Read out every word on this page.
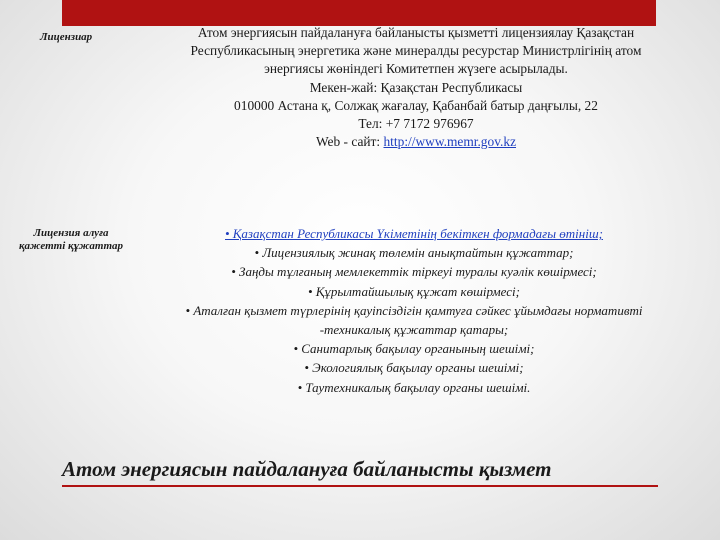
Лицензиар	Атом энергиясын пайдалануға байланысты қызметті лицензиялау Қазақстан
Республикасының энергетика және минералды ресурстар Министрлігінің атом
энергиясы жөніндегі Комитетпен жүзеге асырылады.
Мекен-жай: Қазақстан Республикасы
010000 Астана қ, Солжақ жағалау, Қабанбай батыр даңғылы, 22
Тел: +7 7172 976967
Web - сайт: http://www.memr.gov.kz
Лицензия алуға қажетті құжаттар
• Қазақстан Республикасы Үкіметінің бекіткен формадағы өтініш;
• Лицензиялық жинақ төлемін анықтайтын құжаттар;
• Заңды тұлғаның мемлекеттік тіркеуі туралы куәлік көшірмесі;
• Құрылтайшылық құжат көшірмесі;
• Аталған қызмет түрлерінің қауіпсіздігін қамтуға сәйкес ұйымдағы нормативті
-техникалық құжаттар қатары;
• Санитарлық бақылау органының шешімі;
• Экологиялық бақылау органы шешімі;
• Таутехникалық бақылау органы шешімі.
Атом энергиясын пайдалануға байланысты қызмет
